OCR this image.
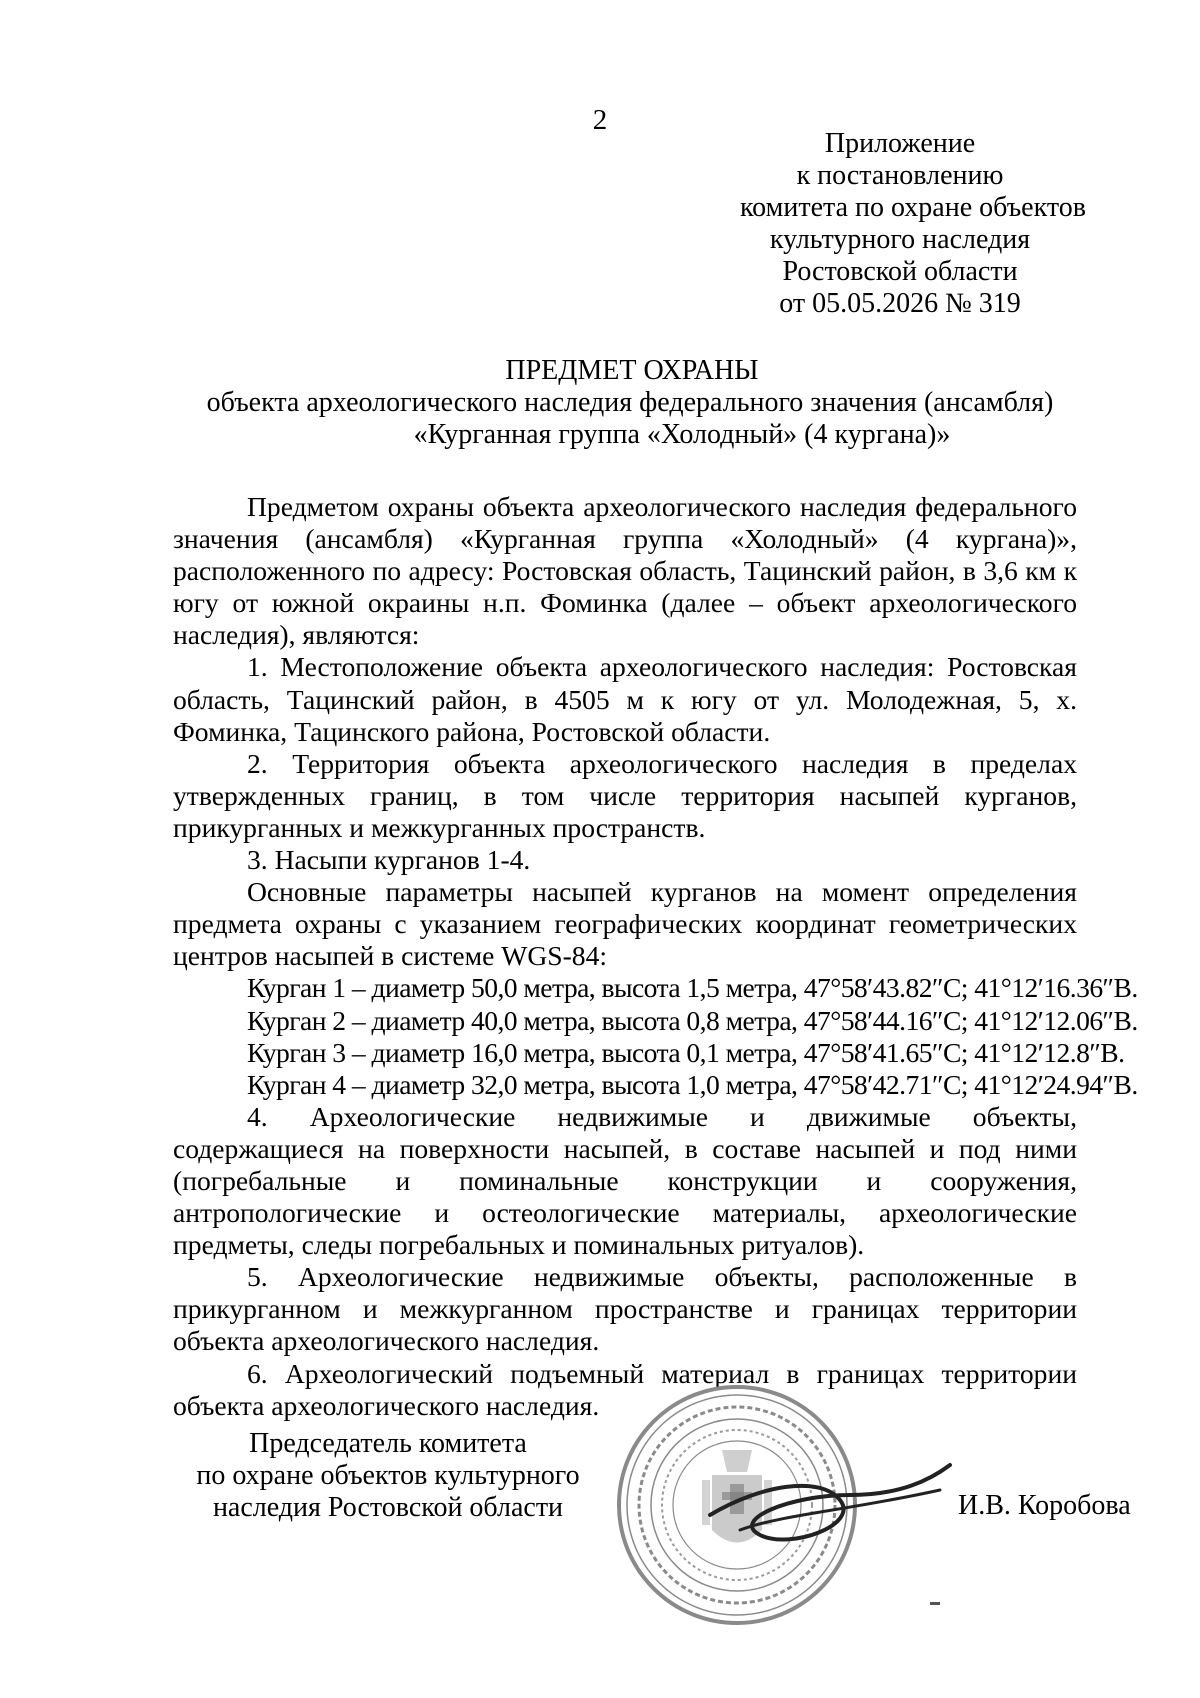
2
Приложение
к постановлению
комитета по охране объектов
культурного наследия
Ростовской области
от 05.05.2026 № 319
ПРЕДМЕТ ОХРАНЫ
объекта археологического наследия федерального значения (ансамбля)
«Курганная группа «Холодный» (4 кургана)»

Предметом охраны объекта археологического наследия федерального значения (ансамбля) «Курганная группа «Холодный» (4 кургана)», расположенного по адресу: Ростовская область, Тацинский район, в 3,6 км к югу от южной окраины н.п. Фоминка (далее – объект археологического наследия), являются:

1. Местоположение объекта археологического наследия: Ростовская область, Тацинский район, в 4505 м к югу от ул. Молодежная, 5, х. Фоминка, Тацинского района, Ростовской области.

2. Территория объекта археологического наследия в пределах утвержденных границ, в том числе территория насыпей курганов, прикурганных и межкурганных пространств.

3. Насыпи курганов 1-4.

Основные параметры насыпей курганов на момент определения предмета охраны с указанием географических координат геометрических центров насыпей в системе WGS-84:

Курган 1 – диаметр 50,0 метра, высота 1,5 метра, 47°58′43.82″С; 41°12′16.36″В.

Курган 2 – диаметр 40,0 метра, высота 0,8 метра, 47°58′44.16″С; 41°12′12.06″В.

Курган 3 – диаметр 16,0 метра, высота 0,1 метра, 47°58′41.65″С; 41°12′12.8″В.

Курган 4 – диаметр 32,0 метра, высота 1,0 метра, 47°58′42.71″С; 41°12′24.94″В.

4. Археологические недвижимые и движимые объекты, содержащиеся на поверхности насыпей, в составе насыпей и под ними (погребальные и поминальные конструкции и сооружения, антропологические и остеологические материалы, археологические предметы, следы погребальных и поминальных ритуалов).

5. Археологические недвижимые объекты, расположенные в прикурганном и межкурганном пространстве и границах территории объекта археологического наследия.

6. Археологический подъемный материал в границах территории объекта археологического наследия.

Председатель комитета
по охране объектов культурного
наследия Ростовской области	И.В. Коробова
